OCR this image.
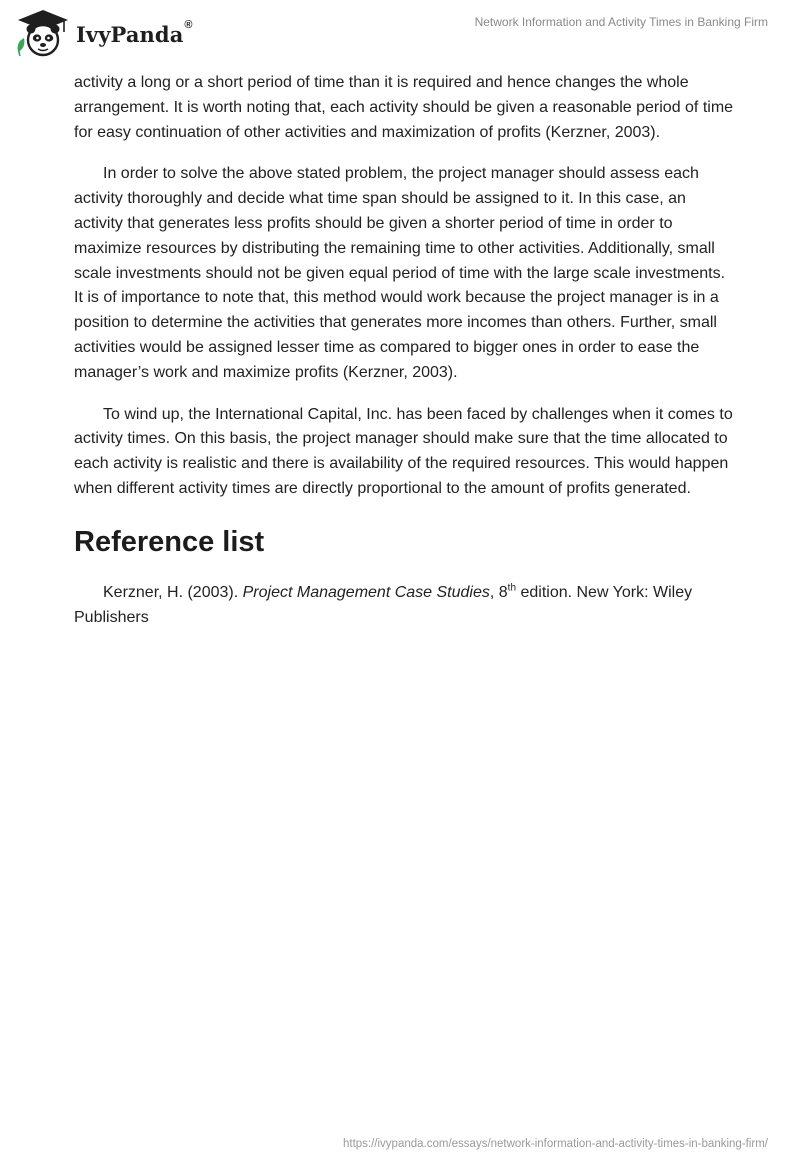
IvyPanda®	Network Information and Activity Times in Banking Firm

activity a long or a short period of time than it is required and hence changes the whole arrangement. It is worth noting that, each activity should be given a reasonable period of time for easy continuation of other activities and maximization of profits (Kerzner, 2003).

In order to solve the above stated problem, the project manager should assess each activity thoroughly and decide what time span should be assigned to it. In this case, an activity that generates less profits should be given a shorter period of time in order to maximize resources by distributing the remaining time to other activities. Additionally, small scale investments should not be given equal period of time with the large scale investments. It is of importance to note that, this method would work because the project manager is in a position to determine the activities that generates more incomes than others. Further, small activities would be assigned lesser time as compared to bigger ones in order to ease the manager’s work and maximize profits (Kerzner, 2003).

To wind up, the International Capital, Inc. has been faced by challenges when it comes to activity times. On this basis, the project manager should make sure that the time allocated to each activity is realistic and there is availability of the required resources. This would happen when different activity times are directly proportional to the amount of profits generated.

Reference list

Kerzner, H. (2003). Project Management Case Studies, 8th edition. New York: Wiley Publishers

https://ivypanda.com/essays/network-information-and-activity-times-in-banking-firm/
